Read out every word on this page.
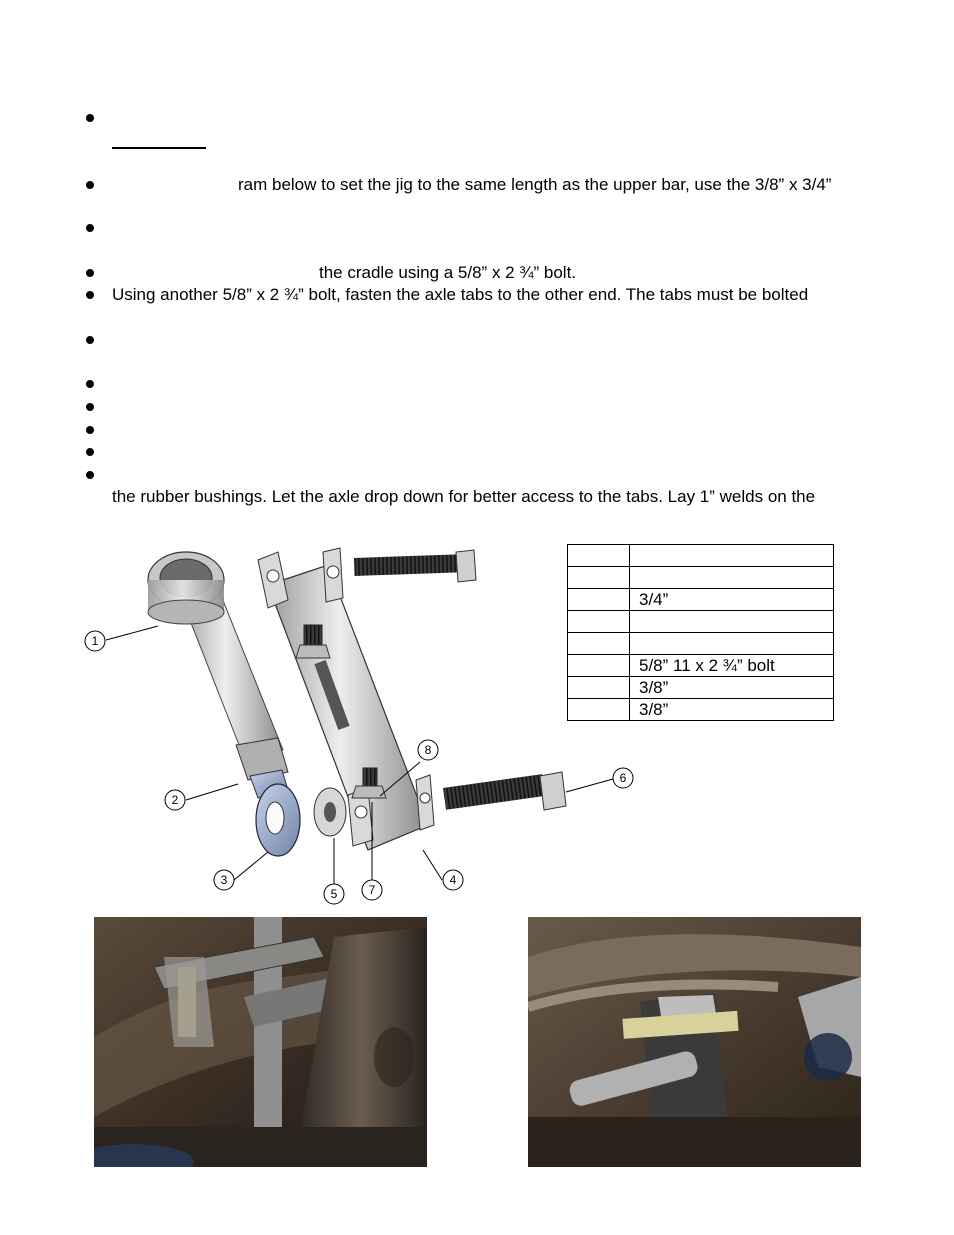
ram below to set the jig to the same length as the upper bar, use the 3/8” x 3/4”
the cradle using a 5/8” x 2 ¾” bolt.
Using another 5/8” x 2 ¾” bolt, fasten the axle tabs to the other end. The tabs must be bolted
the rubber bushings. Let the axle drop down for better access to the tabs. Lay 1” welds on the

	3/4”

	5/8” 11 x 2 ¾” bolt
	3/8”
	3/8”
1
2
3	4
5
6
7
8
